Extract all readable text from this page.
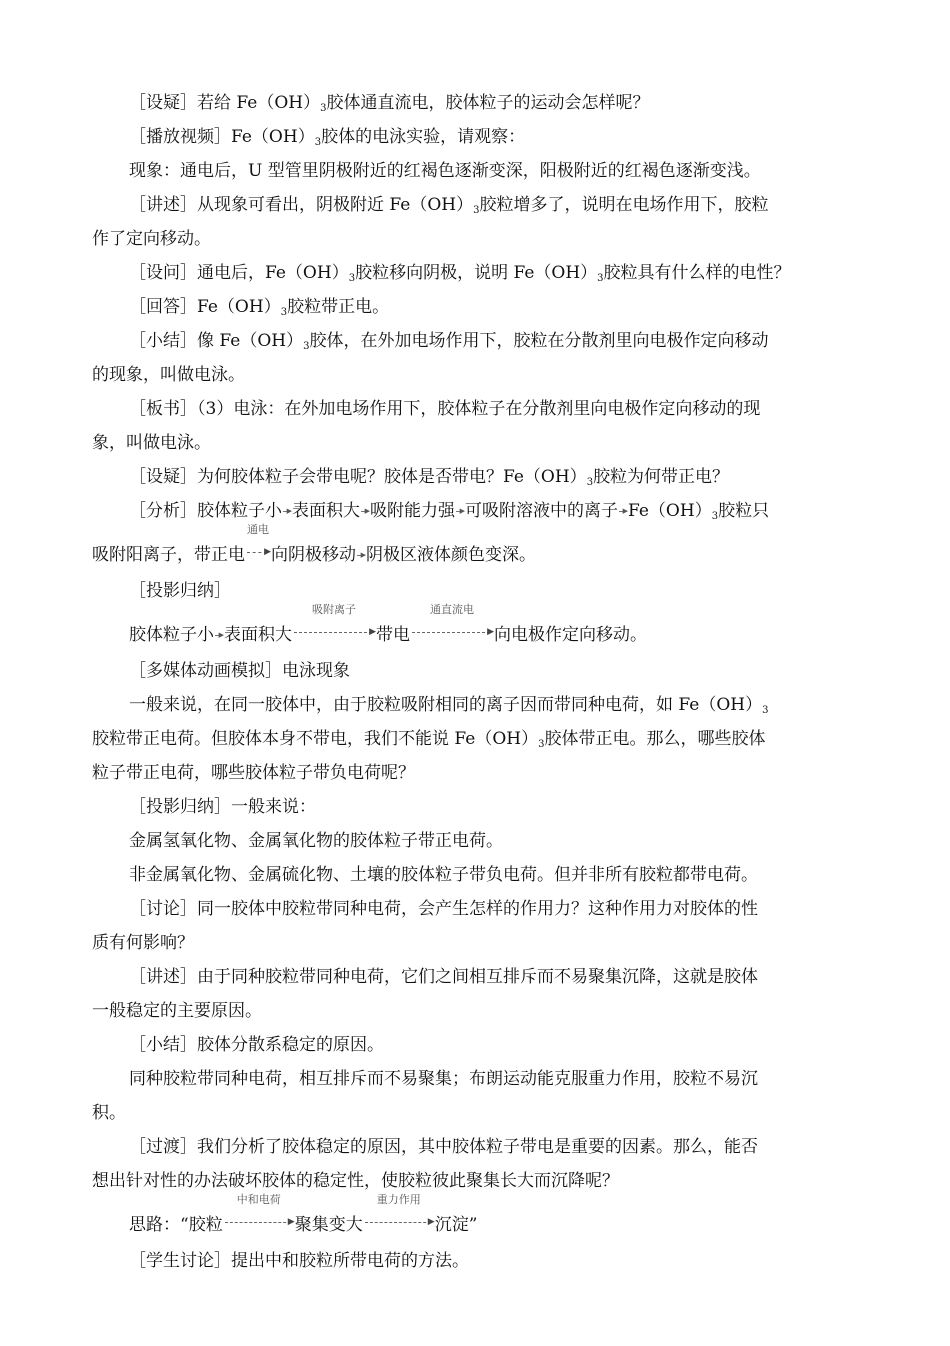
［设疑］若给 $Fe(OH)_3$胶体通直流电，胶体粒子的运动会怎样呢？
［播放视频$]Fe(OH)_3$胶体的电泳实验，请观察：
现象：通电后，U 型管里阴极附近的红褐色逐渐变深，阳极附近的红褐色逐渐变浅。
［讲述］从现象可看出，阴极附近 $Fe(OH)_3$胶粒增多了，说明在电场作用下，胶粒
作了定向移动。
［设问］通电后，$Fe(OH)_3$胶粒移向阴极，说明 $Fe(OH)_3$胶粒具有什么样的电性？
［回答$]Fe(OH)_3$胶粒带正电。
［小结］像 $Fe(OH)_3$胶体，在外加电场作用下，胶粒在分散剂里向电极作定向移动
的现象，叫做电泳。
［板书］（3）电泳：在外加电场作用下，胶体粒子在分散剂里向电极作定向移动的现
象，叫做电泳。
［设疑］为何胶体粒子会带电呢？胶体是否带电？$Fe(OH)_3$胶粒为何带正电？
［分析］胶体粒子小 ▶ 表面积大 ▶ 吸附能力强 ▶ 可吸附溶液中的离子 ▶ $Fe(OH)_3$胶粒只
吸附阳离子，带正电
通电
▶ 向阴极移动 ▶ 阴极区液体颜色变深。
［投影归纳］
胶体粒子小 ▶ 表面积大
吸附离子
▶ 带电
通直流电
▶ 向电极作定向移动。
［多媒体动画模拟］电泳现象
一般来说，在同一胶体中，由于胶粒吸附相同的离子因而带同种电荷，如 $Fe(OH)_3$
胶粒带正电荷。但胶体本身不带电，我们不能说 $Fe(OH)_3$胶体带正电。那么，哪些胶体
粒子带正电荷，哪些胶体粒子带负电荷呢？
［投影归纳］一般来说：
金属氢氧化物、金属氧化物的胶体粒子带正电荷。
非金属氧化物、金属硫化物、土壤的胶体粒子带负电荷。但并非所有胶粒都带电荷。
［讨论］同一胶体中胶粒带同种电荷，会产生怎样的作用力？这种作用力对胶体的性
质有何影响？
［讲述］由于同种胶粒带同种电荷，它们之间相互排斥而不易聚集沉降，这就是胶体
一般稳定的主要原因。
［小结］胶体分散系稳定的原因。
同种胶粒带同种电荷，相互排斥而不易聚集；布朗运动能克服重力作用，胶粒不易沉
积。
［过渡］我们分析了胶体稳定的原因，其中胶体粒子带电是重要的因素。那么，能否
想出针对性的办法破坏胶体的稳定性，使胶粒彼此聚集长大而沉降呢？
思路：“胶粒
中和电荷
▶ 聚集变大
重力作用
▶ 沉淀”
［学生讨论］提出中和胶粒所带电荷的方法。
